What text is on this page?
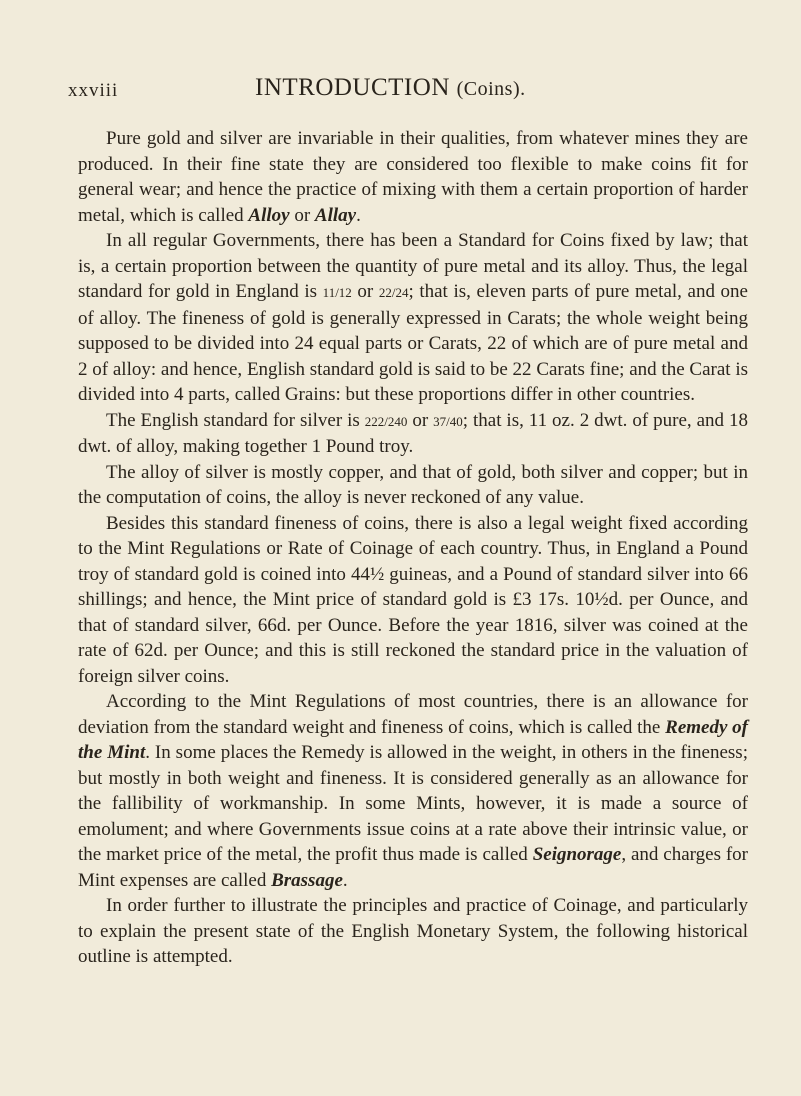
xxviii	INTRODUCTION (Coins).

Pure gold and silver are invariable in their qualities, from whatever mines they are produced. In their fine state they are considered too flexible to make coins fit for general wear; and hence the practice of mixing with them a certain proportion of harder metal, which is called Alloy or Allay.

In all regular Governments, there has been a Standard for Coins fixed by law; that is, a certain proportion between the quantity of pure metal and its alloy. Thus, the legal standard for gold in England is 11/12 or 22/24; that is, eleven parts of pure metal, and one of alloy. The fineness of gold is generally expressed in Carats; the whole weight being supposed to be divided into 24 equal parts or Carats, 22 of which are of pure metal and 2 of alloy: and hence, English standard gold is said to be 22 Carats fine; and the Carat is divided into 4 parts, called Grains: but these proportions differ in other countries.

The English standard for silver is 222/240 or 37/40; that is, 11 oz. 2 dwt. of pure, and 18 dwt. of alloy, making together 1 Pound troy.

The alloy of silver is mostly copper, and that of gold, both silver and copper; but in the computation of coins, the alloy is never reckoned of any value.

Besides this standard fineness of coins, there is also a legal weight fixed according to the Mint Regulations or Rate of Coinage of each country. Thus, in England a Pound troy of standard gold is coined into 44½ guineas, and a Pound of standard silver into 66 shillings; and hence, the Mint price of standard gold is £3 17s. 10½d. per Ounce, and that of standard silver, 66d. per Ounce. Before the year 1816, silver was coined at the rate of 62d. per Ounce; and this is still reckoned the standard price in the valuation of foreign silver coins.

According to the Mint Regulations of most countries, there is an allowance for deviation from the standard weight and fineness of coins, which is called the Remedy of the Mint. In some places the Remedy is allowed in the weight, in others in the fineness; but mostly in both weight and fineness. It is considered generally as an allowance for the fallibility of workmanship. In some Mints, however, it is made a source of emolument; and where Governments issue coins at a rate above their intrinsic value, or the market price of the metal, the profit thus made is called Seignorage, and charges for Mint expenses are called Brassage.

In order further to illustrate the principles and practice of Coinage, and particularly to explain the present state of the English Monetary System, the following historical outline is attempted.
